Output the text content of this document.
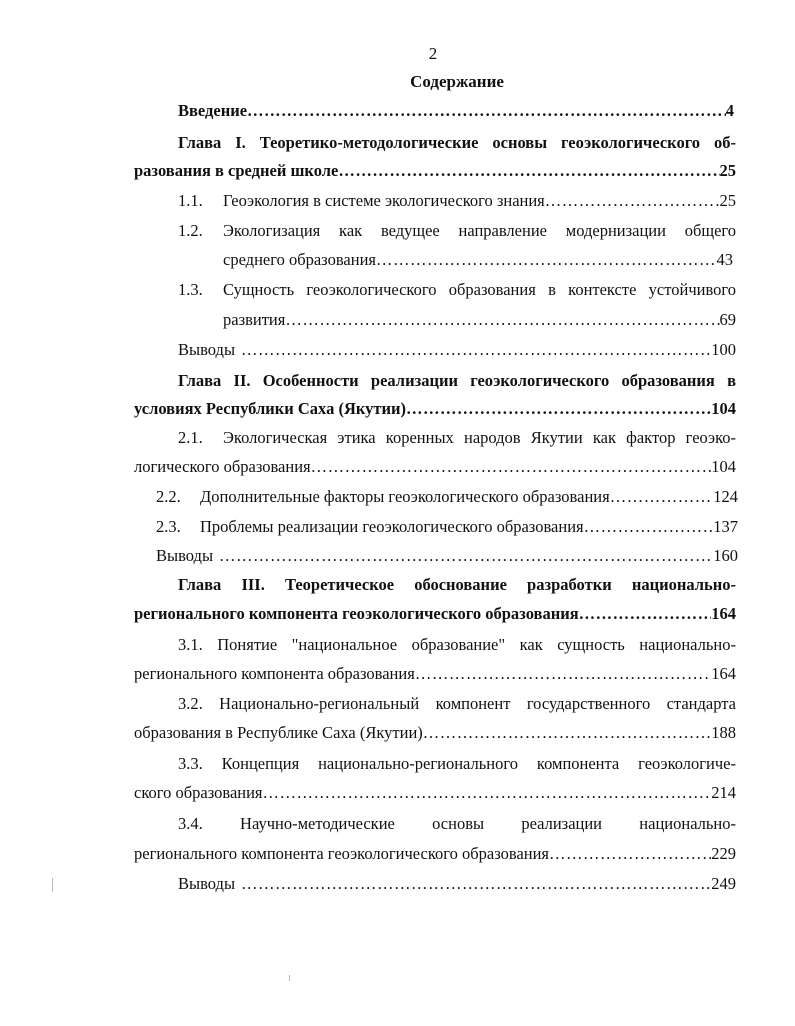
2
Содержание
Введение ……………………………………………………………………………………………………………………………………………………………………………	4
Глава I. Теоретико-методологические основы геоэкологического об-
разования в средней школе ……………………………………………………………………………………………………………………………………………………………………………	25
1.1.	Геоэкология в системе экологического знания ……………………………………………………………………………………………………………………………………………………………………………	25
1.2.	Экологизация как ведущее направление модернизации общего
среднего образования ……………………………………………………………………………………………………………………………………………………………………………	43
1.3.	Сущность геоэкологического образования в контексте устойчивого
развития ……………………………………………………………………………………………………………………………………………………………………………	69
Выводы ……………………………………………………………………………………………………………………………………………………………………………	100
Глава II. Особенности реализации геоэкологического образования в
условиях Республики Саха (Якутии) ……………………………………………………………………………………………………………………………………………………………………………	104
2.1.	Экологическая этика коренных народов Якутии как фактор геоэко-
логического образования ……………………………………………………………………………………………………………………………………………………………………………	104
2.2.	Дополнительные факторы геоэкологического образования ……………………………………………………………………………………………………………………………………………………………………………	124
2.3.	Проблемы реализации геоэкологического образования ……………………………………………………………………………………………………………………………………………………………………………	137
Выводы ……………………………………………………………………………………………………………………………………………………………………………	160
Глава III. Теоретическое обоснование разработки национально-
регионального компонента геоэкологического образования ……………………………………………………………………………………………………………………………………………………………………………	164
3.1. Понятие "национальное образование" как сущность национально-
регионального компонента образования ……………………………………………………………………………………………………………………………………………………………………………	164
3.2. Национально-региональный компонент государственного стандарта
образования в Республике Саха (Якутии) ……………………………………………………………………………………………………………………………………………………………………………	188
3.3. Концепция национально-регионального компонента геоэкологиче-
ского образования ……………………………………………………………………………………………………………………………………………………………………………	214
3.4. Научно-методические основы реализации национально-
регионального компонента геоэкологического образования ……………………………………………………………………………………………………………………………………………………………………………	229
Выводы ……………………………………………………………………………………………………………………………………………………………………………	249
